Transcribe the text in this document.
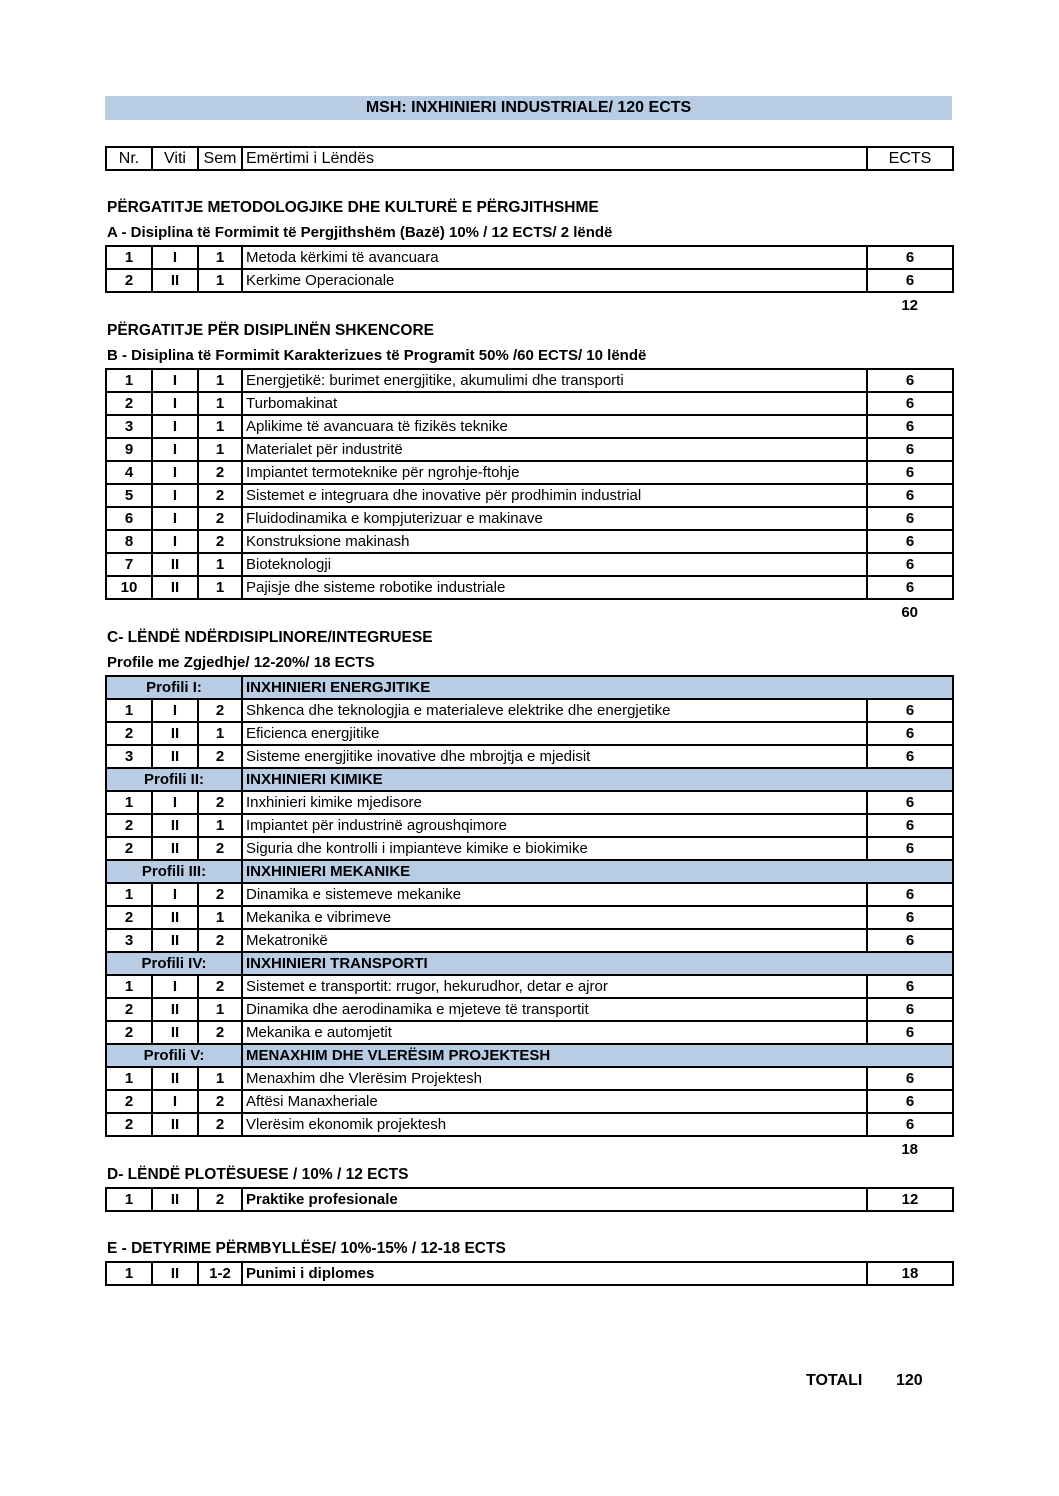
MSH: INXHINIERI INDUSTRIALE/ 120 ECTS
Nr.	Viti	Sem	Emërtimi i Lëndës	ECTS
PËRGATITJE METODOLOGJIKE DHE KULTURË E PËRGJITHSHME
A - Disiplina të Formimit të Pergjithshëm (Bazë) 10% / 12 ECTS/ 2 lëndë
1	I	1	Metoda kërkimi të avancuara	6
2	II	1	Kerkime Operacionale	6
12
PËRGATITJE PËR DISIPLINËN SHKENCORE
B - Disiplina të Formimit Karakterizues të Programit 50% /60 ECTS/ 10 lëndë
1	I	1	Energjetikë: burimet energjitike, akumulimi dhe transporti	6
2	I	1	Turbomakinat	6
3	I	1	Aplikime të avancuara të fizikës teknike	6
9	I	1	Materialet për industritë	6
4	I	2	Impiantet termoteknike për ngrohje-ftohje	6
5	I	2	Sistemet e integruara dhe inovative për prodhimin industrial	6
6	I	2	Fluidodinamika e kompjuterizuar e makinave	6
8	I	2	Konstruksione makinash	6
7	II	1	Bioteknologji	6
10	II	1	Pajisje dhe sisteme robotike industriale	6
60
C- LËNDË NDËRDISIPLINORE/INTEGRUESE
Profile me Zgjedhje/ 12-20%/ 18 ECTS
Profili I:			INXHINIERI ENERGJITIKE	
1	I	2	Shkenca dhe teknologjia e materialeve elektrike dhe energjetike	6
2	II	1	Eficienca energjitike	6
3	II	2	Sisteme energjitike inovative dhe mbrojtja e mjedisit	6
Profili II:			INXHINIERI KIMIKE	
1	I	2	Inxhinieri kimike mjedisore	6
2	II	1	Impiantet për industrinë agroushqimore	6
2	II	2	Siguria dhe kontrolli i impianteve kimike e biokimike	6
Profili III:			INXHINIERI MEKANIKE	
1	I	2	Dinamika e sistemeve mekanike	6
2	II	1	Mekanika e vibrimeve	6
3	II	2	Mekatronikë	6
Profili IV:			INXHINIERI TRANSPORTI	
1	I	2	Sistemet e transportit: rrugor, hekurudhor, detar e ajror	6
2	II	1	Dinamika dhe aerodinamika e mjeteve të transportit	6
2	II	2	Mekanika e automjetit	6
Profili V:			MENAXHIM DHE VLERËSIM PROJEKTESH	
1	II	1	Menaxhim dhe Vlerësim Projektesh	6
2	I	2	Aftësi Manaxheriale	6
2	II	2	Vlerësim ekonomik projektesh	6
18
D- LËNDË PLOTËSUESE / 10% / 12 ECTS
1	II	2	Praktike profesionale	12
E - DETYRIME PËRMBYLLËSE/ 10%-15% / 12-18 ECTS
1	II	1-2	Punimi i diplomes	18
TOTALI 120
